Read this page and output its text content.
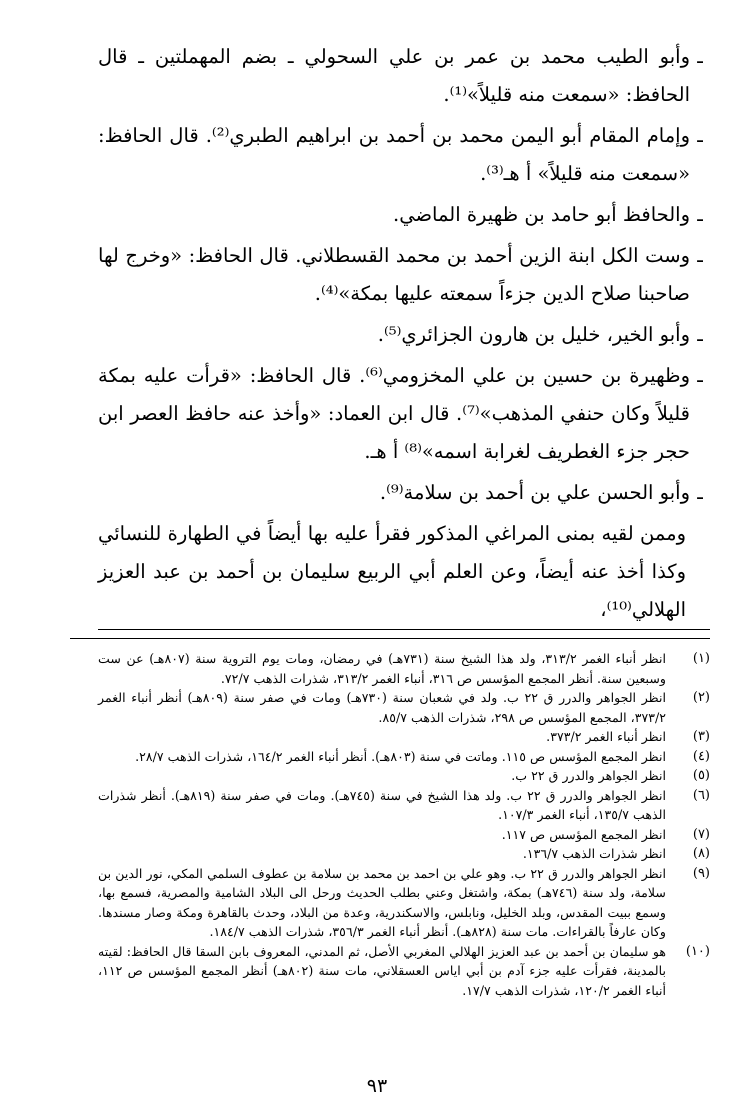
ـ

وأبو الطيب محمد بن عمر بن علي السحولي ـ بضم المهملتين ـ قال الحافظ: «سمعت منه قليلاً»⁽¹⁾.

ـ

وإمام المقام أبو اليمن محمد بن أحمد بن ابراهيم الطبري⁽²⁾. قال الحافظ: «سمعت منه قليلاً» أ هـ⁽³⁾.

ـ

والحافظ أبو حامد بن ظهيرة الماضي.

ـ

وست الكل ابنة الزين أحمد بن محمد القسطلاني. قال الحافظ: «وخرج لها صاحبنا صلاح الدين جزءاً سمعته عليها بمكة»⁽⁴⁾.

ـ

وأبو الخير، خليل بن هارون الجزائري⁽⁵⁾.

ـ

وظهيرة بن حسين بن علي المخزومي⁽⁶⁾. قال الحافظ: «قرأت عليه بمكة قليلاً وكان حنفي المذهب»⁽⁷⁾. قال ابن العماد: «وأخذ عنه حافظ العصر ابن حجر جزء الغطريف لغرابة اسمه»⁽⁸⁾ أ هـ.

ـ

وأبو الحسن علي بن أحمد بن سلامة⁽⁹⁾.

وممن لقيه بمنى المراغي المذكور فقرأ عليه بها أيضاً في الطهارة للنسائي وكذا أخذ عنه أيضاً، وعن العلم أبي الربيع سليمان بن أحمد بن عبد العزيز الهلالي⁽¹⁰⁾،

(١)
انظر أنباء الغمر ٣١٣/٢، ولد هذا الشيخ سنة (٧٣١هـ) في رمضان، ومات يوم التروية سنة (٨٠٧هـ) عن ست وسبعين سنة. أنظر المجمع المؤسس ص ٣١٦، أنباء الغمر ٣١٣/٢، شذرات الذهب ٧٢/٧.
(٢)
انظر الجواهر والدرر ق ٢٢ ب. ولد في شعبان سنة (٧٣٠هـ) ومات في صفر سنة (٨٠٩هـ) أنظر أنباء الغمر ٣٧٣/٢، المجمع المؤسس ص ٢٩٨، شذرات الذهب ٨٥/٧.
(٣)
انظر أنباء الغمر ٣٧٣/٢.
(٤)
انظر المجمع المؤسس ص ١١٥. وماتت في سنة (٨٠٣هـ). أنظر أنباء الغمر ١٦٤/٢، شذرات الذهب ٢٨/٧.
(٥)
انظر الجواهر والدرر ق ٢٢ ب.
(٦)
انظر الجواهر والدرر ق ٢٢ ب. ولد هذا الشيخ في سنة (٧٤٥هـ). ومات في صفر سنة (٨١٩هـ). أنظر شذرات الذهب ١٣٥/٧، أنباء الغمر ١٠٧/٣.
(٧)
انظر المجمع المؤسس ص ١١٧.
(٨)
انظر شذرات الذهب ١٣٦/٧.
(٩)
انظر الجواهر والدرر ق ٢٢ ب. وهو علي بن احمد بن محمد بن سلامة بن عطوف السلمي المكي، نور الدين بن سلامة، ولد سنة (٧٤٦هـ) بمكة، واشتغل وعني بطلب الحديث ورحل الى البلاد الشامية والمصرية، فسمع بها، وسمع ببيت المقدس، وبلد الخليل، ونابلس، والاسكندرية، وعدة من البلاد، وحدث بالقاهرة ومكة وصار مسندها. وكان عارفاً بالقراءات. مات سنة (٨٢٨هـ). أنظر أنباء الغمر ٣٥٦/٣، شذرات الذهب ١٨٤/٧.
(١٠)
هو سليمان بن أحمد بن عبد العزيز الهلالي المغربي الأصل، ثم المدني، المعروف بابن السقا قال الحافظ: لقيته بالمدينة، فقرأت عليه جزء آدم بن أبي اياس العسقلاني، مات سنة (٨٠٢هـ) أنظر المجمع المؤسس ص ١١٢، أنباء الغمر ١٢٠/٢، شذرات الذهب ١٧/٧.
٩٣
